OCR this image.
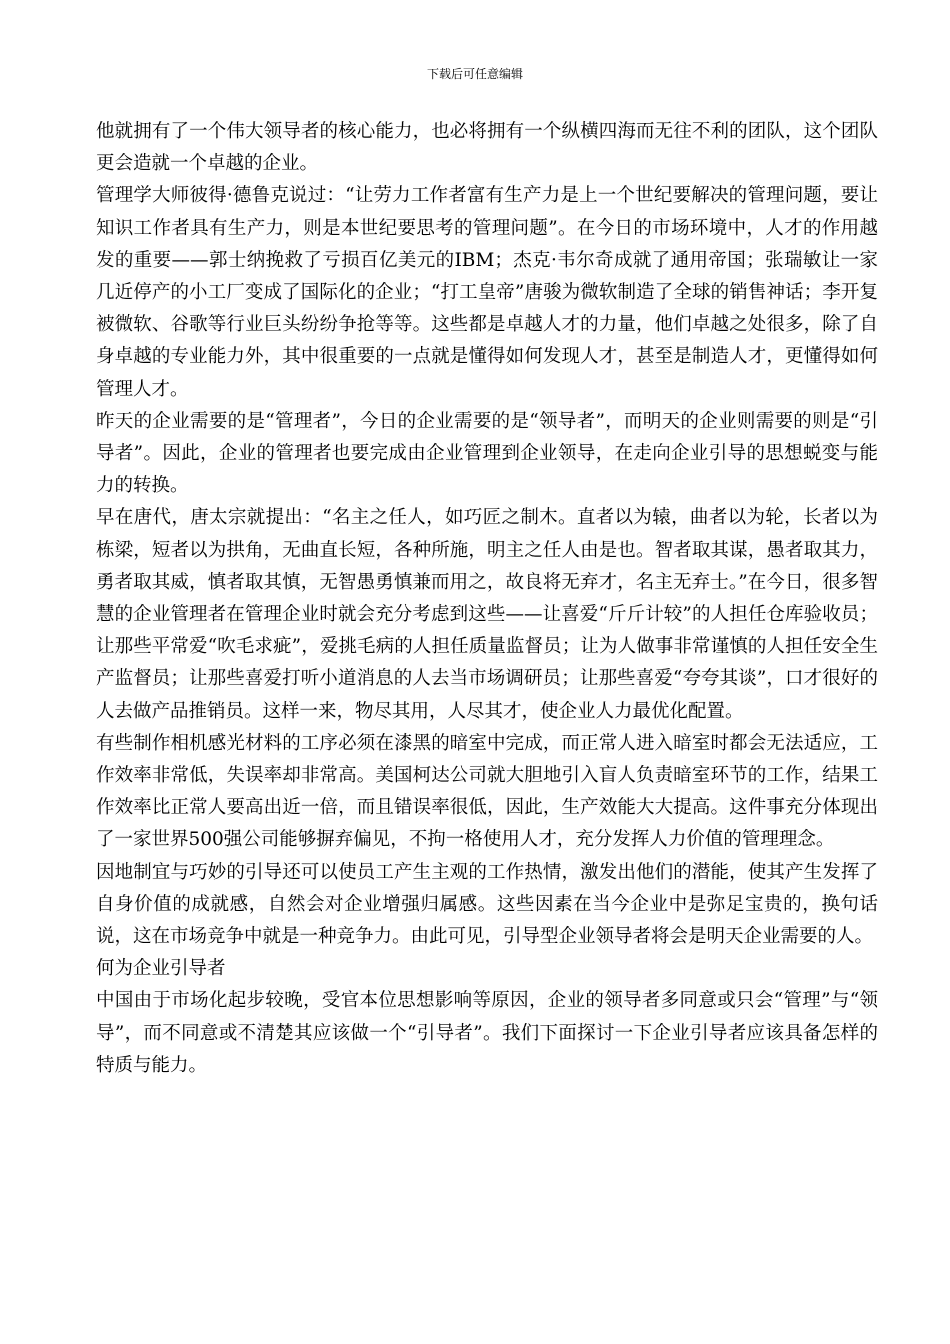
下载后可任意编辑

他就拥有了一个伟大领导者的核心能力，也必将拥有一个纵横四海而无往不利的团队，这个团队更会造就一个卓越的企业。

管理学大师彼得·德鲁克说过：“让劳力工作者富有生产力是上一个世纪要解决的管理问题，要让知识工作者具有生产力，则是本世纪要思考的管理问题”。在今日的市场环境中，人才的作用越发的重要——郭士纳挽救了亏损百亿美元的IBM；杰克·韦尔奇成就了通用帝国；张瑞敏让一家几近停产的小工厂变成了国际化的企业；“打工皇帝”唐骏为微软制造了全球的销售神话；李开复被微软、谷歌等行业巨头纷纷争抢等等。这些都是卓越人才的力量，他们卓越之处很多，除了自身卓越的专业能力外，其中很重要的一点就是懂得如何发现人才，甚至是制造人才，更懂得如何管理人才。

昨天的企业需要的是“管理者”，今日的企业需要的是“领导者”，而明天的企业则需要的则是“引导者”。因此，企业的管理者也要完成由企业管理到企业领导，在走向企业引导的思想蜕变与能力的转换。

早在唐代，唐太宗就提出：“名主之任人，如巧匠之制木。直者以为辕，曲者以为轮，长者以为栋梁，短者以为拱角，无曲直长短，各种所施，明主之任人由是也。智者取其谋，愚者取其力，勇者取其威，慎者取其慎，无智愚勇慎兼而用之，故良将无弃才，名主无弃士。”在今日，很多智慧的企业管理者在管理企业时就会充分考虑到这些——让喜爱“斤斤计较”的人担任仓库验收员；让那些平常爱“吹毛求疵”，爱挑毛病的人担任质量监督员；让为人做事非常谨慎的人担任安全生产监督员；让那些喜爱打听小道消息的人去当市场调研员；让那些喜爱“夸夸其谈”，口才很好的人去做产品推销员。这样一来，物尽其用，人尽其才，使企业人力最优化配置。

有些制作相机感光材料的工序必须在漆黑的暗室中完成，而正常人进入暗室时都会无法适应，工作效率非常低，失误率却非常高。美国柯达公司就大胆地引入盲人负责暗室环节的工作，结果工作效率比正常人要高出近一倍，而且错误率很低，因此，生产效能大大提高。这件事充分体现出了一家世界500强公司能够摒弃偏见，不拘一格使用人才，充分发挥人力价值的管理理念。

因地制宜与巧妙的引导还可以使员工产生主观的工作热情，激发出他们的潜能，使其产生发挥了自身价值的成就感，自然会对企业增强归属感。这些因素在当今企业中是弥足宝贵的，换句话说，这在市场竞争中就是一种竞争力。由此可见，引导型企业领导者将会是明天企业需要的人。

何为企业引导者

中国由于市场化起步较晚，受官本位思想影响等原因，企业的领导者多同意或只会“管理”与“领导”，而不同意或不清楚其应该做一个“引导者”。我们下面探讨一下企业引导者应该具备怎样的特质与能力。
